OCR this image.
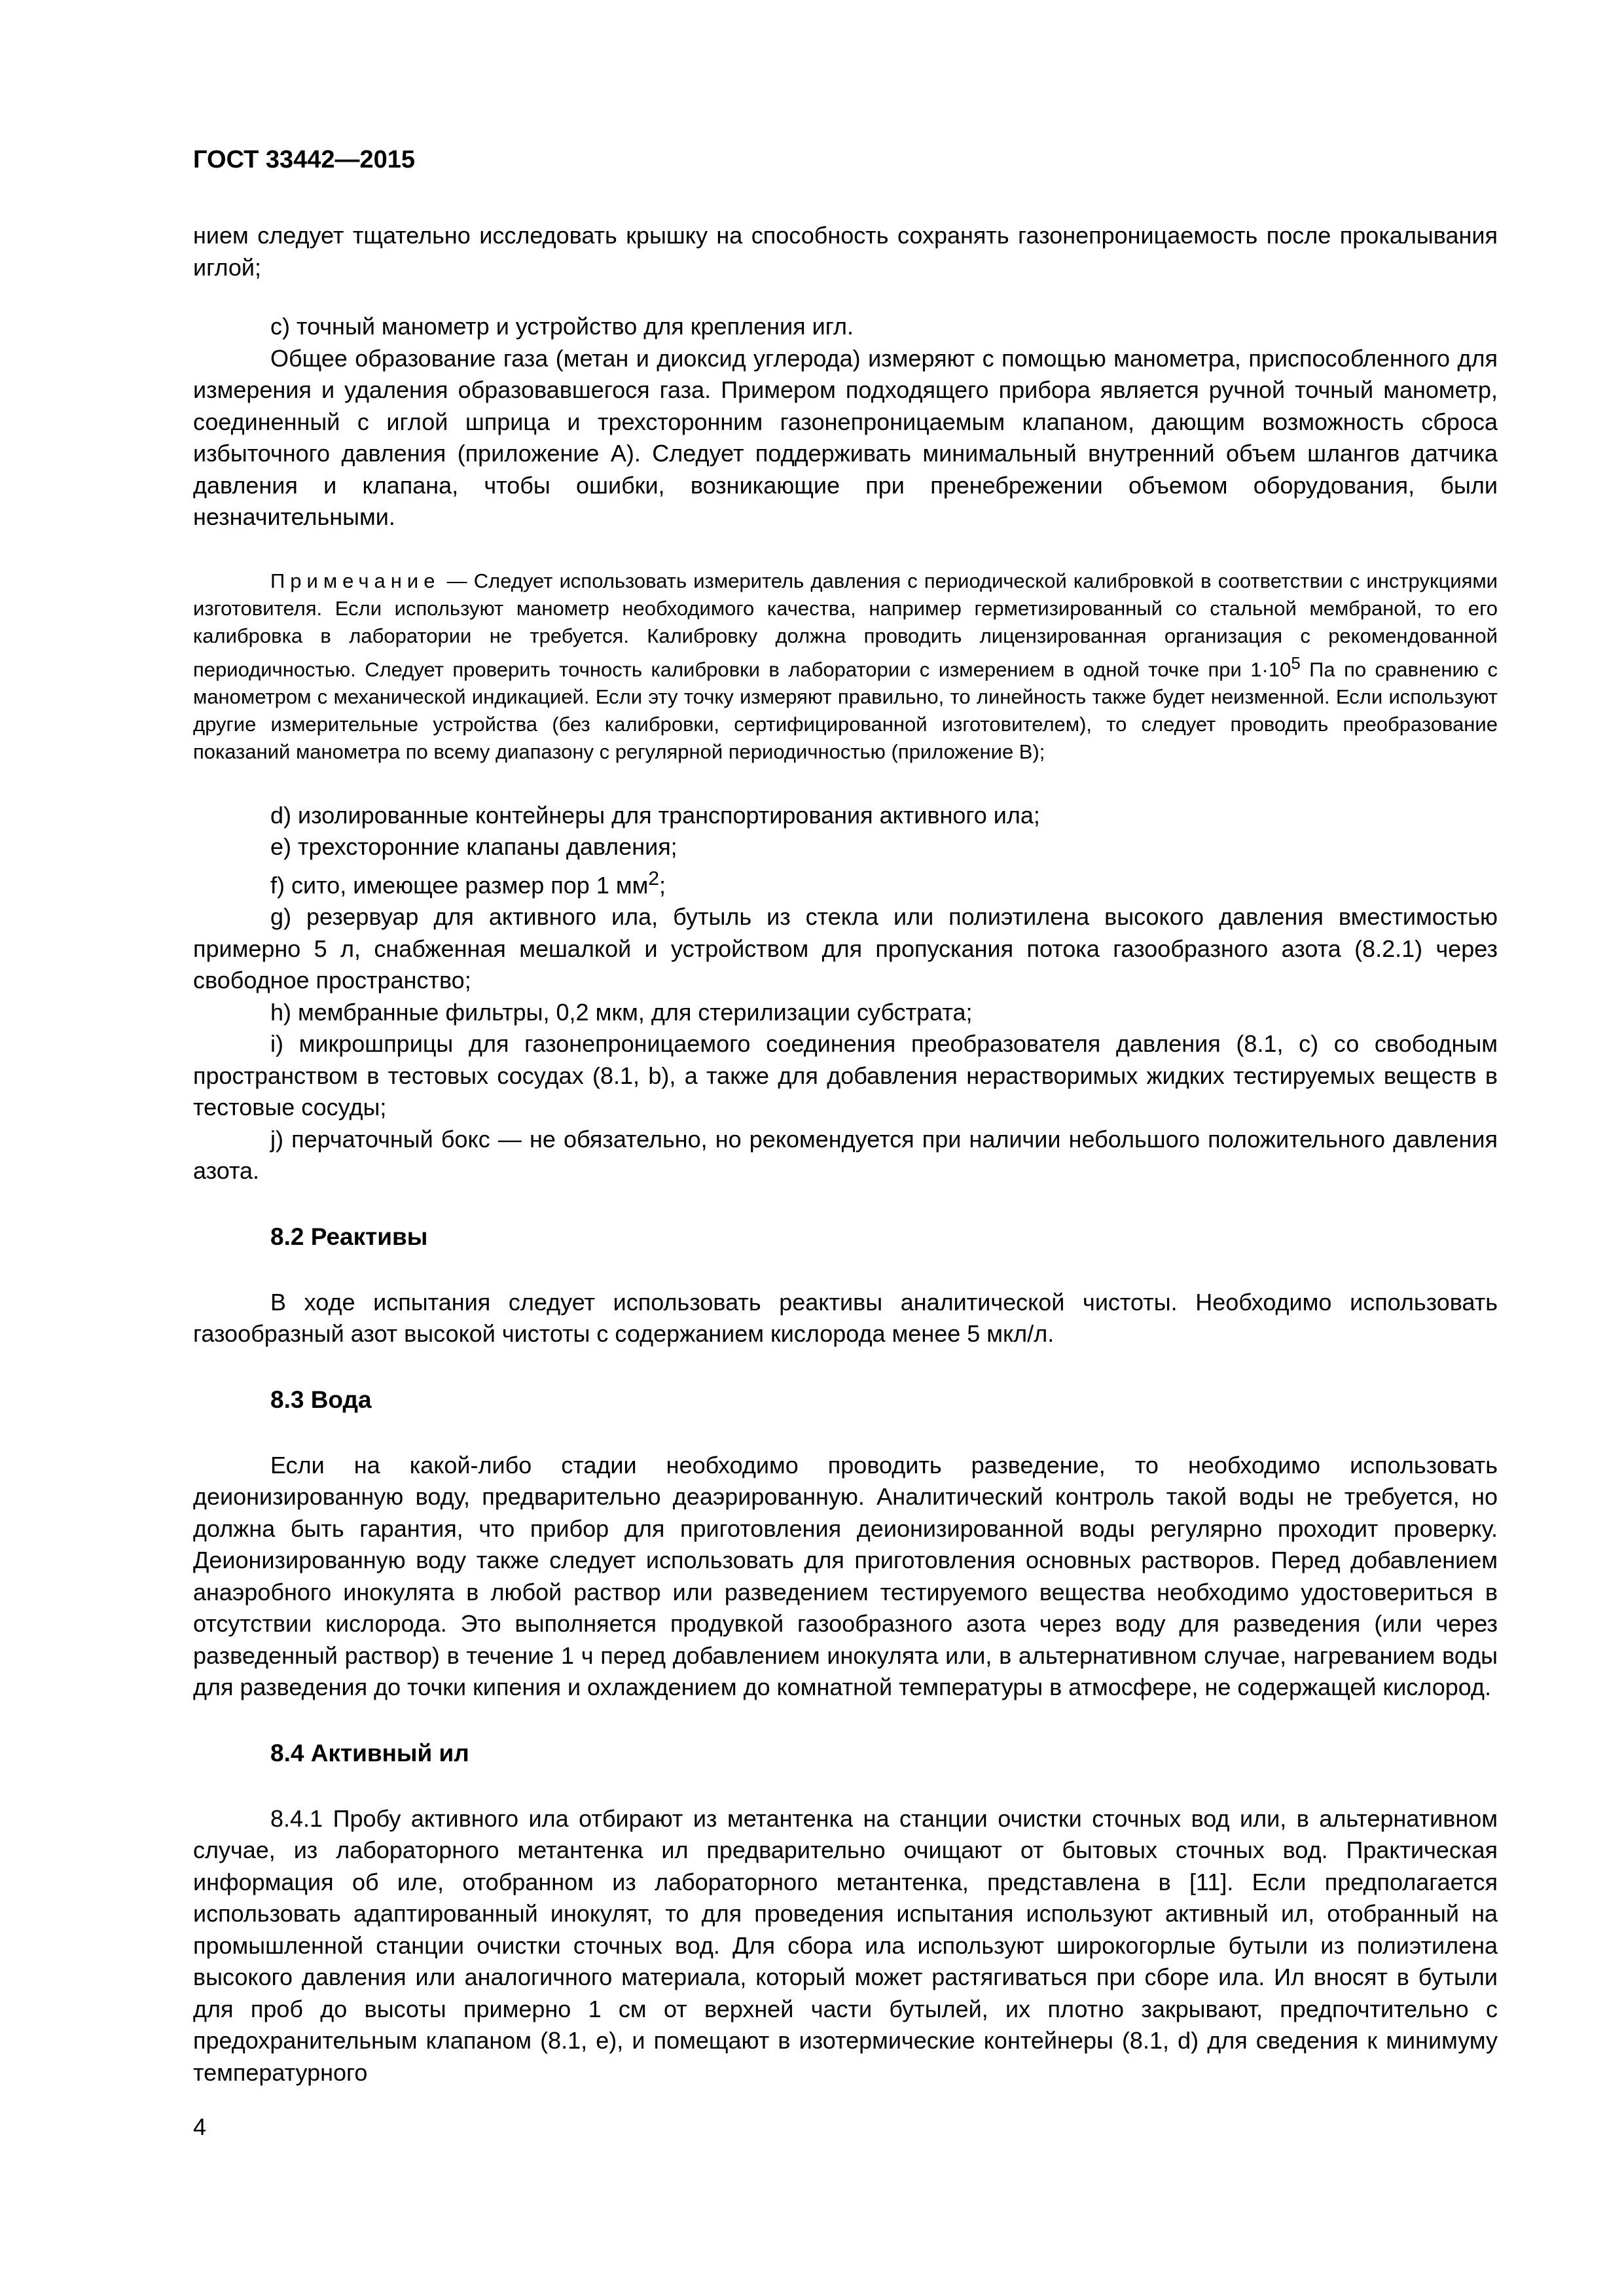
ГОСТ 33442—2015

нием следует тщательно исследовать крышку на способность сохранять газонепроницаемость после прокалывания иглой;

c) точный манометр и устройство для крепления игл.

Общее образование газа (метан и диоксид углерода) измеряют с помощью манометра, приспособленного для измерения и удаления образовавшегося газа. Примером подходящего прибора является ручной точный манометр, соединенный с иглой шприца и трехсторонним газонепроницаемым клапаном, дающим возможность сброса избыточного давления (приложение А). Следует поддерживать минимальный внутренний объем шлангов датчика давления и клапана, чтобы ошибки, возникающие при пренебрежении объемом оборудования, были незначительными.

Примечание — Следует использовать измеритель давления с периодической калибровкой в соответствии с инструкциями изготовителя. Если используют манометр необходимого качества, например герметизированный со стальной мембраной, то его калибровка в лаборатории не требуется. Калибровку должна проводить лицензированная организация с рекомендованной периодичностью. Следует проверить точность калибровки в лаборатории с измерением в одной точке при $1\cdot 10^5$ Па по сравнению с манометром с механической индикацией. Если эту точку измеряют правильно, то линейность также будет неизменной. Если используют другие измерительные устройства (без калибровки, сертифицированной изготовителем), то следует проводить преобразование показаний манометра по всему диапазону с регулярной периодичностью (приложение В);

d) изолированные контейнеры для транспортирования активного ила;

e) трехсторонние клапаны давления;

f) сито, имеющее размер пор 1 $мм^2$;

g) резервуар для активного ила, бутыль из стекла или полиэтилена высокого давления вместимостью примерно 5 л, снабженная мешалкой и устройством для пропускания потока газообразного азота (8.2.1) через свободное пространство;

h) мембранные фильтры, 0,2 мкм, для стерилизации субстрата;

i) микрошприцы для газонепроницаемого соединения преобразователя давления (8.1, с) со свободным пространством в тестовых сосудах (8.1, b), а также для добавления нерастворимых жидких тестируемых веществ в тестовые сосуды;

j) перчаточный бокс — не обязательно, но рекомендуется при наличии небольшого положительного давления азота.

8.2 Реактивы

В ходе испытания следует использовать реактивы аналитической чистоты. Необходимо использовать газообразный азот высокой чистоты с содержанием кислорода менее 5 мкл/л.

8.3 Вода

Если на какой-либо стадии необходимо проводить разведение, то необходимо использовать деионизированную воду, предварительно деаэрированную. Аналитический контроль такой воды не требуется, но должна быть гарантия, что прибор для приготовления деионизированной воды регулярно проходит проверку. Деионизированную воду также следует использовать для приготовления основных растворов. Перед добавлением анаэробного инокулята в любой раствор или разведением тестируемого вещества необходимо удостовериться в отсутствии кислорода. Это выполняется продувкой газообразного азота через воду для разведения (или через разведенный раствор) в течение 1 ч перед добавлением инокулята или, в альтернативном случае, нагреванием воды для разведения до точки кипения и охлаждением до комнатной температуры в атмосфере, не содержащей кислород.

8.4 Активный ил

8.4.1 Пробу активного ила отбирают из метантенка на станции очистки сточных вод или, в альтернативном случае, из лабораторного метантенка ил предварительно очищают от бытовых сточных вод. Практическая информация об иле, отобранном из лабораторного метантенка, представлена в [11]. Если предполагается использовать адаптированный инокулят, то для проведения испытания используют активный ил, отобранный на промышленной станции очистки сточных вод. Для сбора ила используют широкогорлые бутыли из полиэтилена высокого давления или аналогичного материала, который может растягиваться при сборе ила. Ил вносят в бутыли для проб до высоты примерно 1 см от верхней части бутылей, их плотно закрывают, предпочтительно с предохранительным клапаном (8.1, е), и помещают в изотермические контейнеры (8.1, d) для сведения к минимуму температурного

4
